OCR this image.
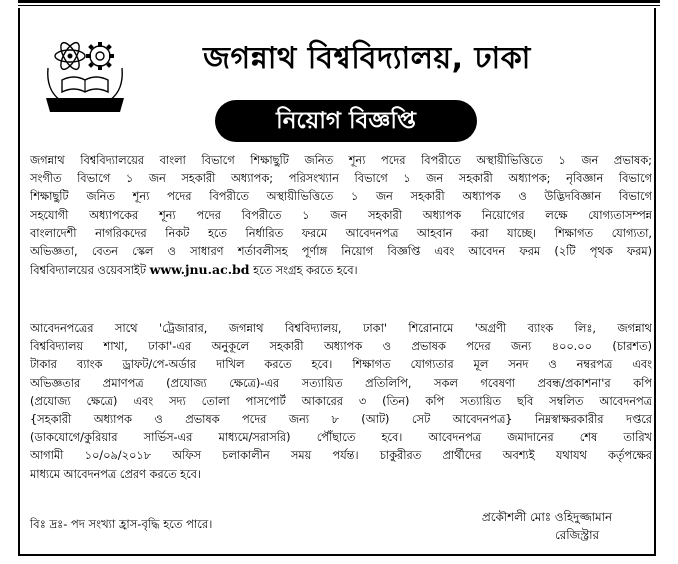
জগন্নাথ বিশ্ববিদ্যালয়, ঢাকা
নিয়োগ বিজ্ঞপ্তি
জগন্নাথ বিশ্ববিদ্যালয়ের বাংলা বিভাগে শিক্ষাছুটি জনিত শূন্য পদের বিপরীতে অস্থায়ীভিত্তিতে ১ জন প্রভাষক;
সংগীত বিভাগে ১ জন সহকারী অধ্যাপক; পরিসংখ্যান বিভাগে ১ জন সহকারী অধ্যাপক; নৃবিজ্ঞান বিভাগে
শিক্ষাছুটি জনিত শূন্য পদের বিপরীতে অস্থায়ীভিত্তিতে ১ জন সহকারী অধ্যাপক ও উদ্ভিদবিজ্ঞান বিভাগে
সহযোগী অধ্যাপকের শূন্য পদের বিপরীতে ১ জন সহকারী অধ্যাপক নিয়োগের লক্ষে যোগ্যতাসম্পন্ন
বাংলাদেশী নাগরিকদের নিকট হতে নির্ধারিত ফরমে আবেদনপত্র আহবান করা যাচ্ছে। শিক্ষাগত যোগ্যতা,
অভিজ্ঞতা, বেতন স্কেল ও সাধারণ শর্তাবলীসহ পূর্ণাঙ্গ নিয়োগ বিজ্ঞপ্তি এবং আবেদন ফরম (২টি পৃথক ফরম)
বিশ্ববিদ্যালয়ের ওয়েবসাইট www.jnu.ac.bd হতে সংগ্রহ করতে হবে।
আবেদনপত্রের সাথে 'ট্রেজারার, জগন্নাথ বিশ্ববিদ্যালয়, ঢাকা' শিরোনামে 'অগ্রণী ব্যাংক লিঃ, জগন্নাথ
বিশ্ববিদ্যালয় শাখা, ঢাকা'-এর অনুকূলে সহকারী অধ্যাপক ও প্রভাষক পদের জন্য ৪০০.০০ (চারশত)
টাকার ব্যাংক ড্রাফট/পে-অর্ডার দাখিল করতে হবে। শিক্ষাগত যোগ্যতার মূল সনদ ও নম্বরপত্র এবং
অভিজ্ঞতার প্রমাণপত্র (প্রযোজ্য ক্ষেত্রে)-এর সত্যায়িত প্রতিলিপি, সকল গবেষণা প্রবন্ধ/প্রকাশনা'র কপি
(প্রযোজ্য ক্ষেত্রে) এবং সদ্য তোলা পাসপোর্ট আকারের ৩ (তিন) কপি সত্যায়িত ছবি সম্বলিত আবেদনপত্র
{সহকারী অধ্যাপক ও প্রভাষক পদের জন্য ৮ (আট) সেট আবেদনপত্র} নিম্নস্বাক্ষরকারীর দপ্তরে
(ডাকযোগে/কুরিয়ার সার্ভিস-এর মাধ্যমে/সরাসরি) পৌঁছাতে হবে। আবেদনপত্র জমাদানের শেষ তারিখ
আগামী ১০/০৯/২০১৮ অফিস চলাকালীন সময় পর্যন্ত। চাকুরীরত প্রার্থীদের অবশ্যই যথাযথ কর্তৃপক্ষের
মাধ্যমে আবেদনপত্র প্রেরণ করতে হবে।
বিঃ দ্রঃ- পদ সংখ্যা হ্রাস-বৃদ্ধি হতে পারে।	প্রকৌশলী মোঃ ওহিদুজ্জামান
রেজিস্ট্রার
